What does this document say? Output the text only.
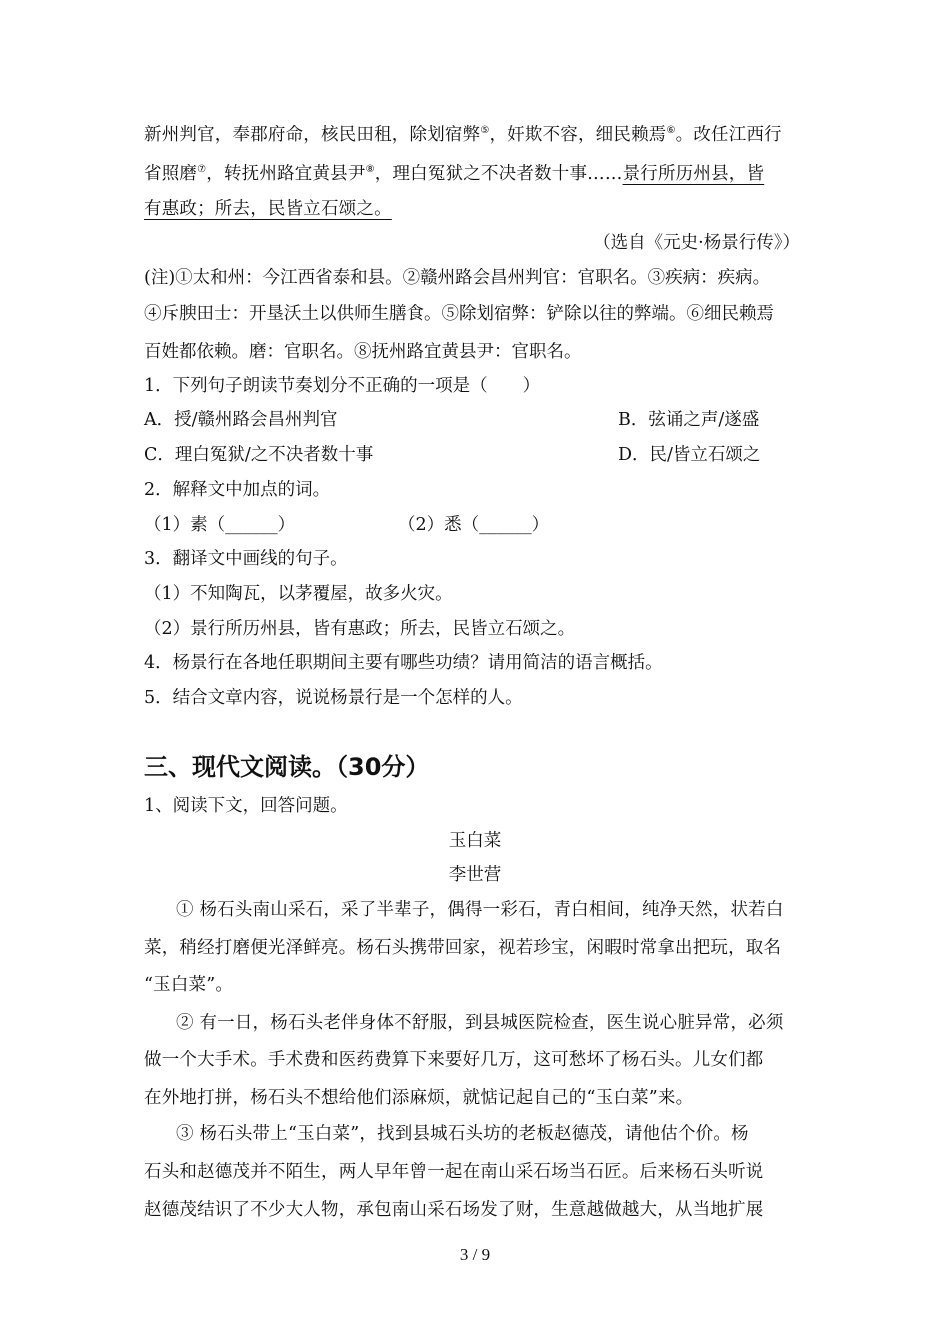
新州判官，奉郡府命，核民田租，除划宿弊⑤，奸欺不容，细民赖焉⑥。改任江西行
省照磨⑦，转抚州路宜黄县尹⑧，理白冤狱之不决者数十事……景行所历州县，皆
有惠政；所去，民皆立石颂之。
（选自《元史·杨景行传》）
(注)①太和州：今江西省泰和县。②赣州路会昌州判官：官职名。③疾病：疾病。
④斥腴田士：开垦沃土以供师生膳食。⑤除划宿弊：铲除以往的弊端。⑥细民赖焉
百姓都依赖。磨：官职名。⑧抚州路宜黄县尹：官职名。
1．下列句子朗读节奏划分不正确的一项是（　　）
A．授/赣州路会昌州判官	B．弦诵之声/遂盛
C．理白冤狱/之不决者数十事	D．民/皆立石颂之
2．解释文中加点的词。
（1）素（______）	（2）悉（______）
3．翻译文中画线的句子。
（1）不知陶瓦，以茅覆屋，故多火灾。
（2）景行所历州县，皆有惠政；所去，民皆立石颂之。
4．杨景行在各地任职期间主要有哪些功绩？请用简洁的语言概括。
5．结合文章内容，说说杨景行是一个怎样的人。
三、现代文阅读。（30分）
1、阅读下文，回答问题。
玉白菜
李世营
① 杨石头南山采石，采了半辈子，偶得一彩石，青白相间，纯净天然，状若白
菜，稍经打磨便光泽鲜亮。杨石头携带回家，视若珍宝，闲暇时常拿出把玩，取名
“玉白菜”。
② 有一日，杨石头老伴身体不舒服，到县城医院检查，医生说心脏异常，必须
做一个大手术。手术费和医药费算下来要好几万，这可愁坏了杨石头。儿女们都
在外地打拼，杨石头不想给他们添麻烦，就惦记起自己的“玉白菜”来。
③ 杨石头带上“玉白菜”，找到县城石头坊的老板赵德茂，请他估个价。杨
石头和赵德茂并不陌生，两人早年曾一起在南山采石场当石匠。后来杨石头听说
赵德茂结识了不少大人物，承包南山采石场发了财，生意越做越大，从当地扩展
3 / 9
